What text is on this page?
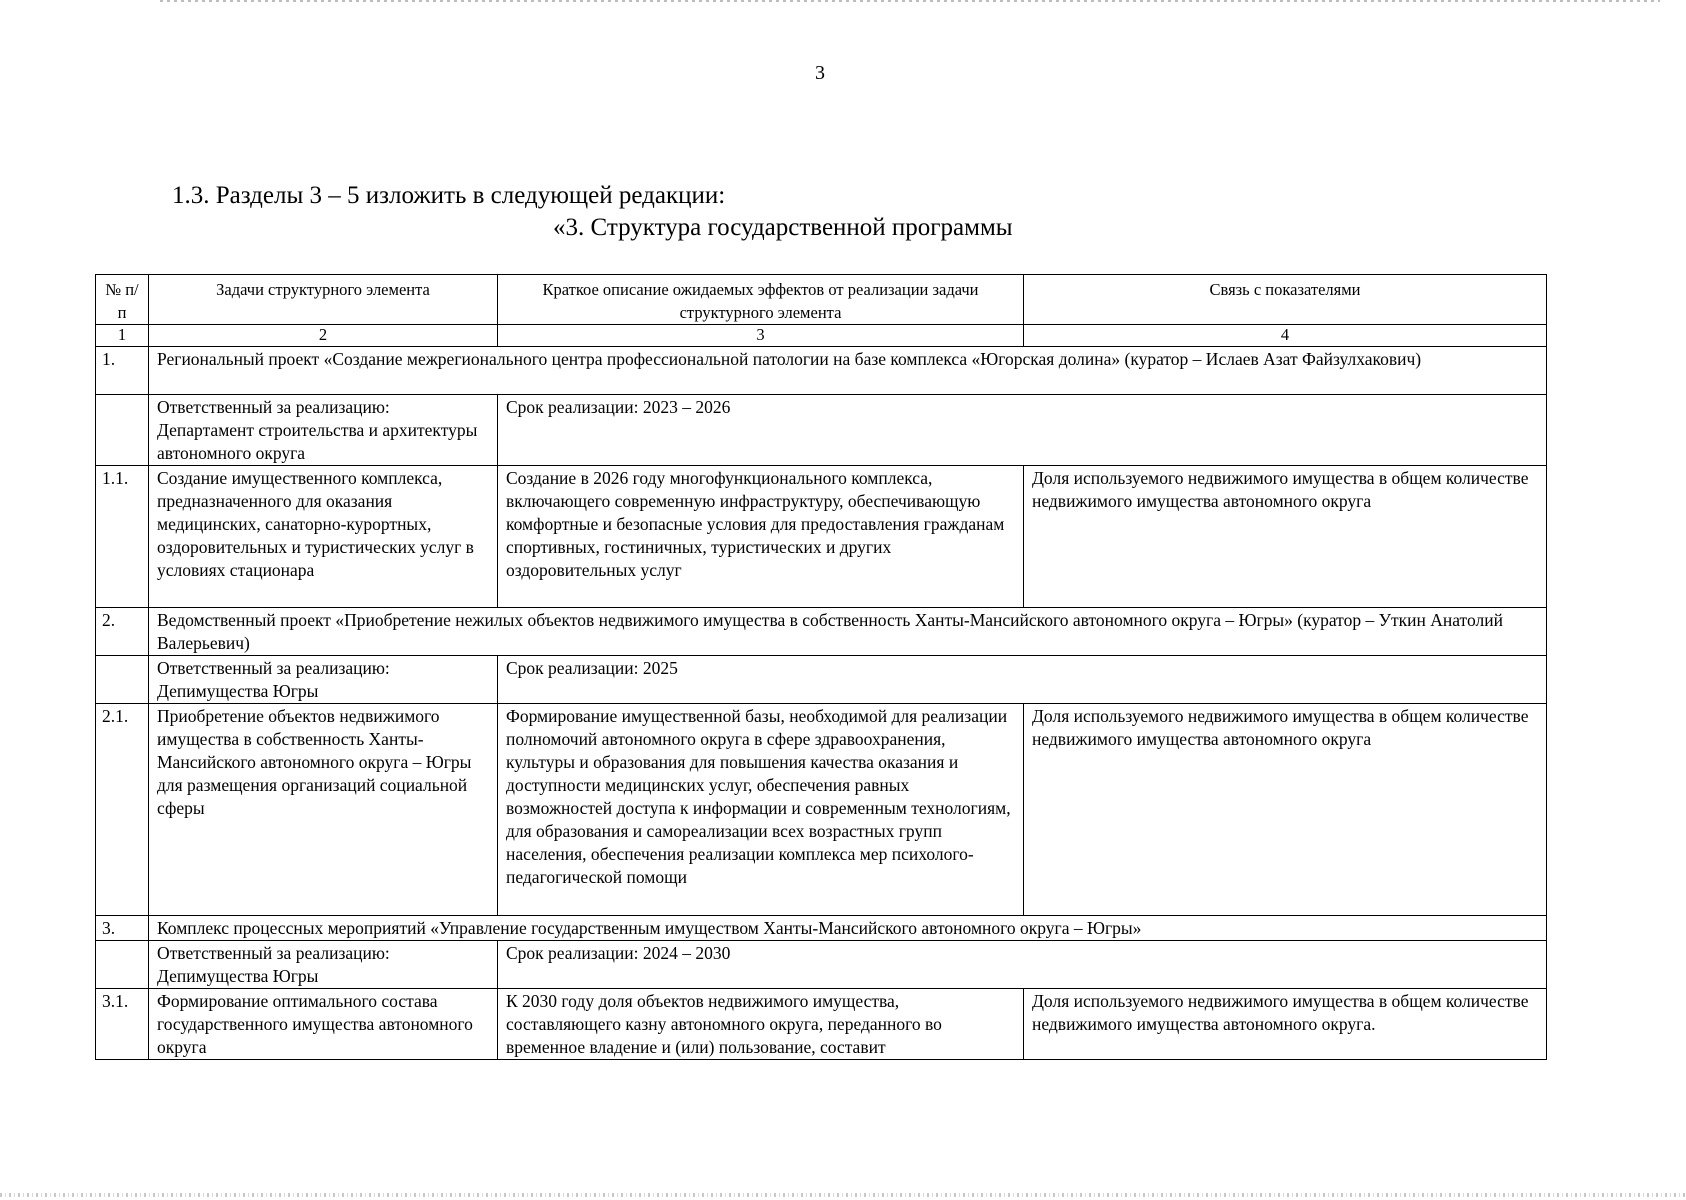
3
1.3. Разделы 3 – 5 изложить в следующей редакции:
«3. Структура государственной программы
№ п/п	Задачи структурного элемента	Краткое описание ожидаемых эффектов от реализации задачи структурного элемента	Связь с показателями
1	2	3	4
1.	Региональный проект «Создание межрегионального центра профессиональной патологии на базе комплекса «Югорская долина» (куратор – Ислаев Азат Файзулхакович)		
	Ответственный за реализацию: Департамент строительства и архитектуры автономного округа	Срок реализации: 2023 – 2026	
1.1.	Создание имущественного комплекса, предназначенного для оказания медицинских, санаторно-курортных, оздоровительных и туристических услуг в условиях стационара	Создание в 2026 году многофункционального комплекса, включающего современную инфраструктуру, обеспечивающую комфортные и безопасные условия для предоставления гражданам спортивных, гостиничных, туристических и других оздоровительных услуг	Доля используемого недвижимого имущества в общем количестве недвижимого имущества автономного округа
2.	Ведомственный проект «Приобретение нежилых объектов недвижимого имущества в собственность Ханты-Мансийского автономного округа – Югры» (куратор – Уткин Анатолий Валерьевич)		
	Ответственный за реализацию: Депимущества Югры	Срок реализации: 2025	
2.1.	Приобретение объектов недвижимого имущества в собственность Ханты-Мансийского автономного округа – Югры для размещения организаций социальной сферы	Формирование имущественной базы, необходимой для реализации полномочий автономного округа в сфере здравоохранения, культуры и образования для повышения качества оказания и доступности медицинских услуг, обеспечения равных возможностей доступа к информации и современным технологиям, для образования и самореализации всех возрастных групп населения, обеспечения реализации комплекса мер психолого-педагогической помощи	Доля используемого недвижимого имущества в общем количестве недвижимого имущества автономного округа
3.	Комплекс процессных мероприятий «Управление государственным имуществом Ханты-Мансийского автономного округа – Югры»		
	Ответственный за реализацию: Депимущества Югры	Срок реализации: 2024 – 2030	
3.1.	Формирование оптимального состава государственного имущества автономного округа	К 2030 году доля объектов недвижимого имущества, составляющего казну автономного округа, переданного во временное владение и (или) пользование, составит	Доля используемого недвижимого имущества в общем количестве недвижимого имущества автономного округа.
